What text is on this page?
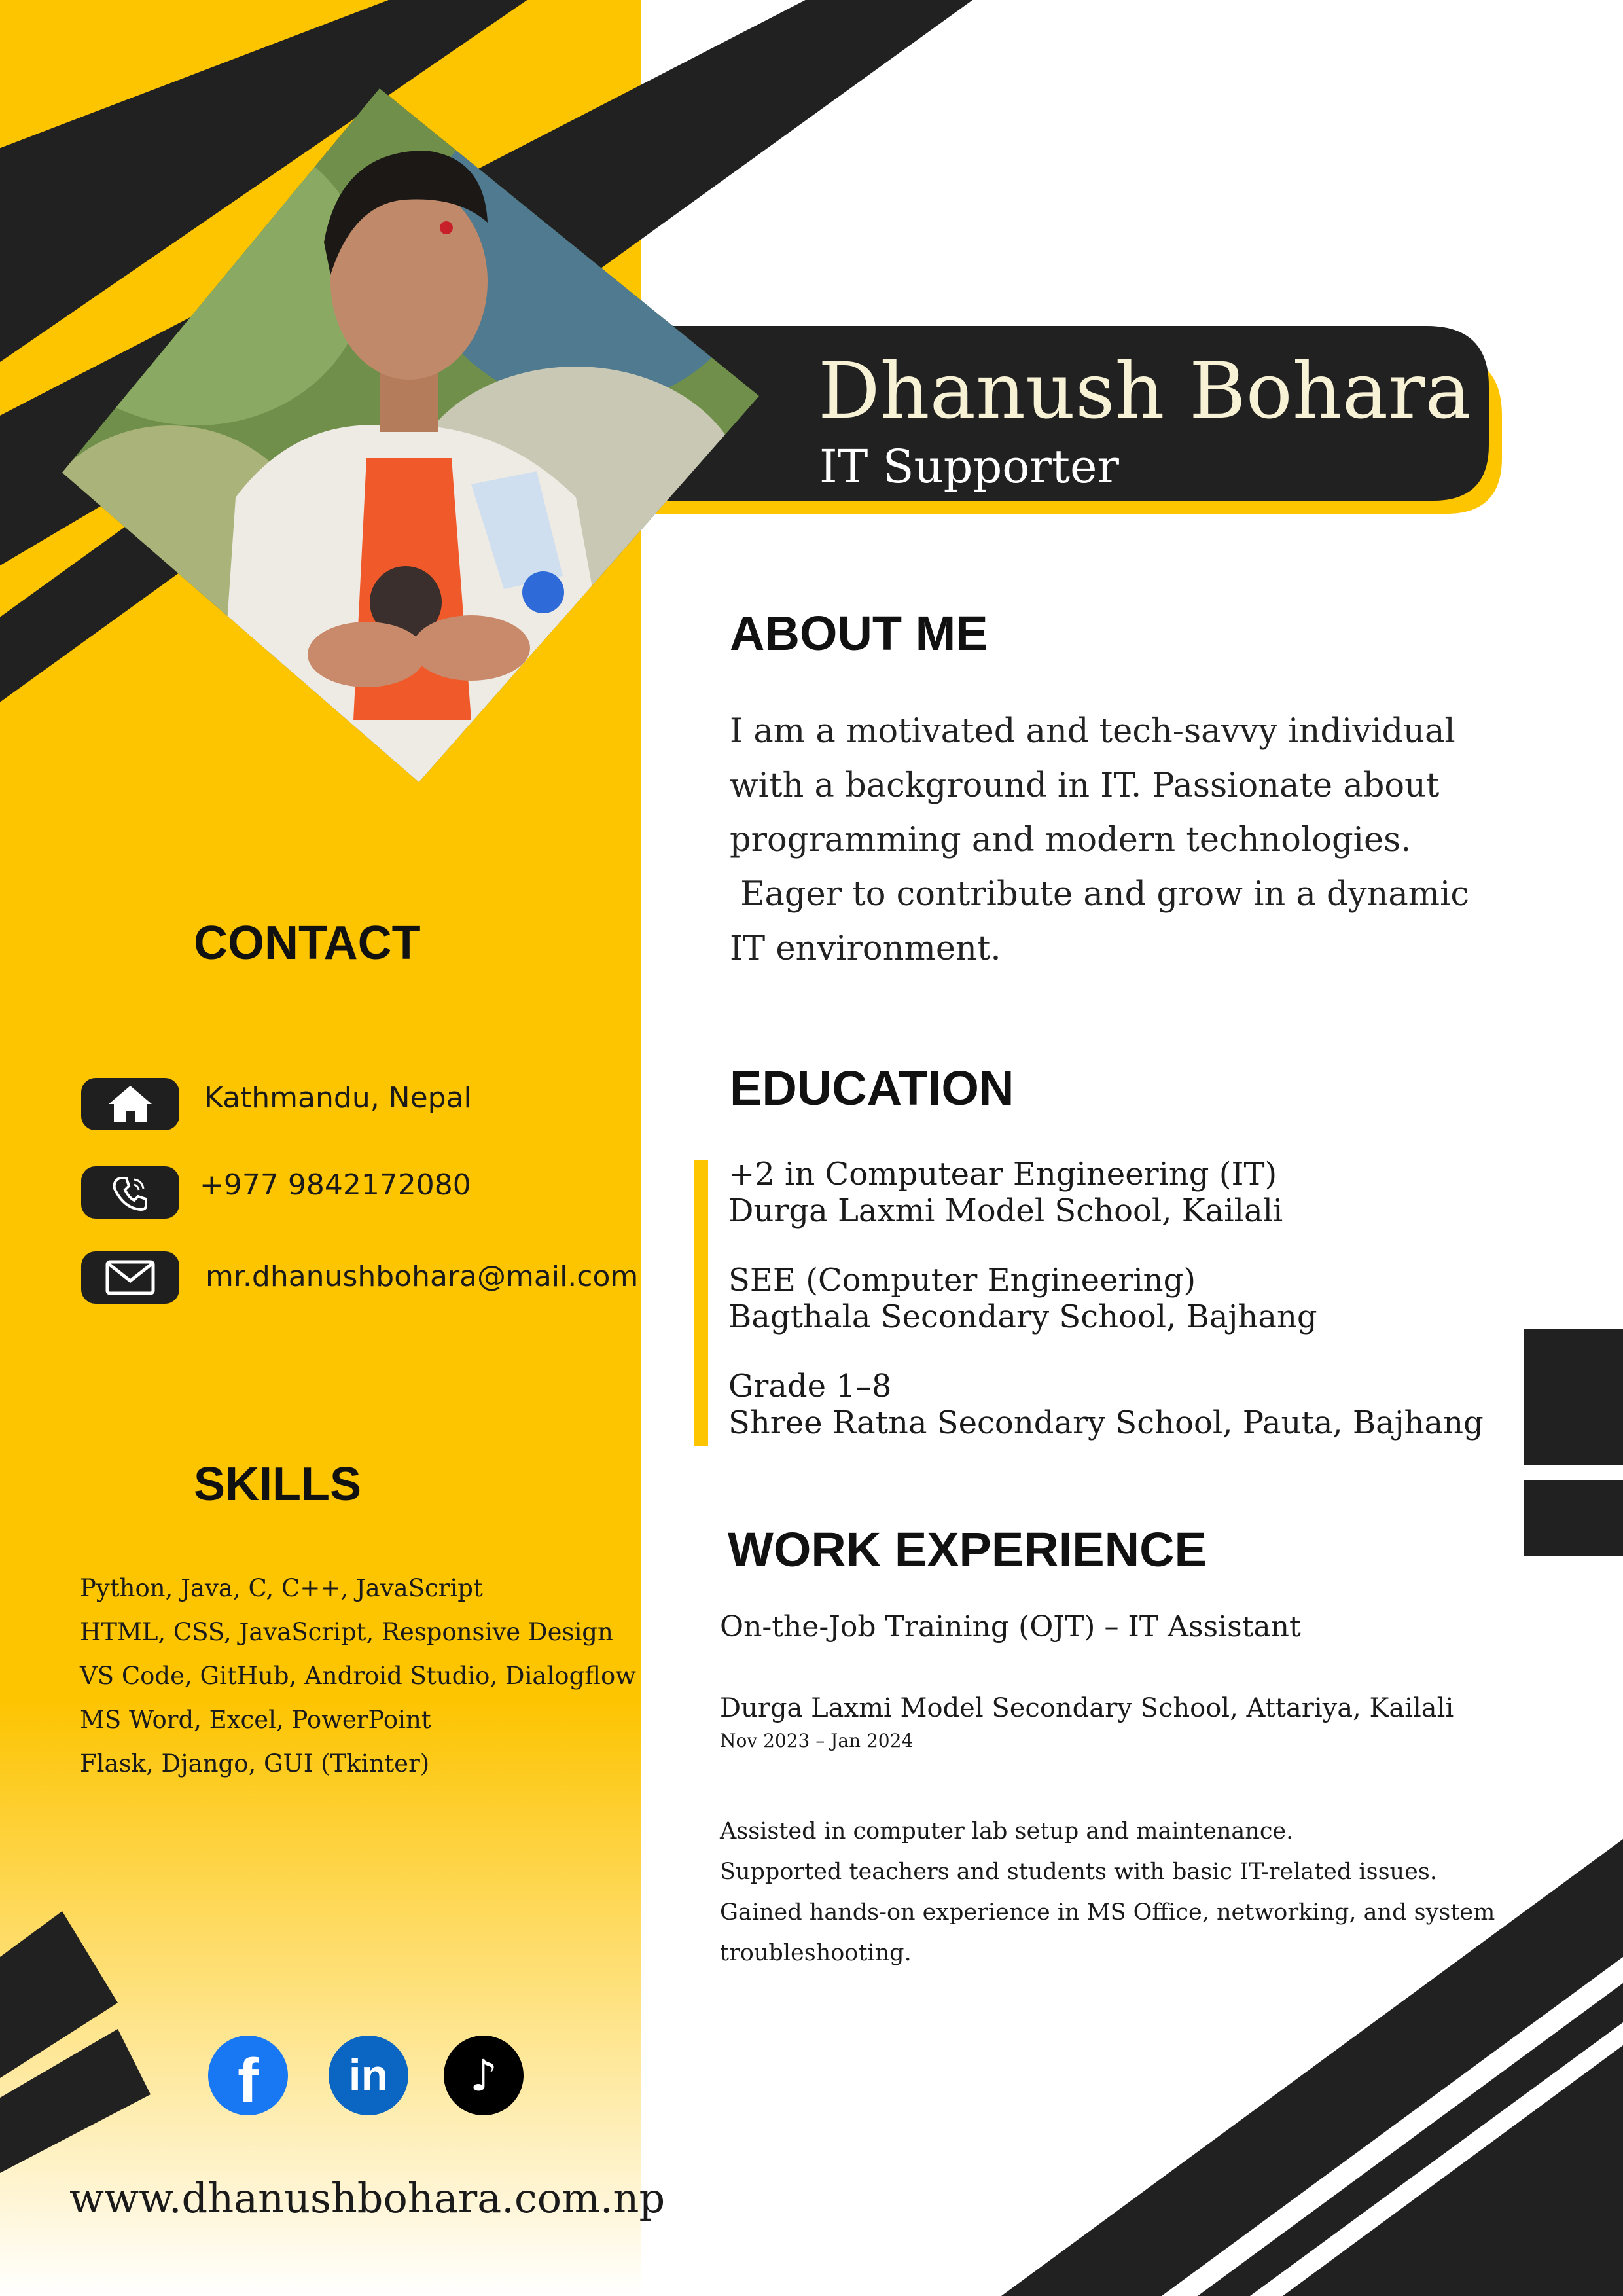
Dhanush Bohara
IT Supporter
CONTACT
Kathmandu, Nepal
+977 9842172080
mr.dhanushbohara@mail.com
SKILLS
Python, Java, C, C++, JavaScript
HTML, CSS, JavaScript, Responsive Design
VS Code, GitHub, Android Studio, Dialogflow
MS Word, Excel, PowerPoint
Flask, Django, GUI (Tkinter)
f in ♪
www.dhanushbohara.com.np
ABOUT ME
I am a motivated and tech-savvy individual
with a background in IT. Passionate about
programming and modern technologies.
Eager to contribute and grow in a dynamic
IT environment.
EDUCATION
+2 in Computear Engineering (IT)
Durga Laxmi Model School, Kailali
SEE (Computer Engineering)
Bagthala Secondary School, Bajhang
Grade 1–8
Shree Ratna Secondary School, Pauta, Bajhang
WORK EXPERIENCE
On-the-Job Training (OJT) – IT Assistant
Durga Laxmi Model Secondary School, Attariya, Kailali
Nov 2023 – Jan 2024
Assisted in computer lab setup and maintenance.
Supported teachers and students with basic IT-related issues.
Gained hands-on experience in MS Office, networking, and system
troubleshooting.
